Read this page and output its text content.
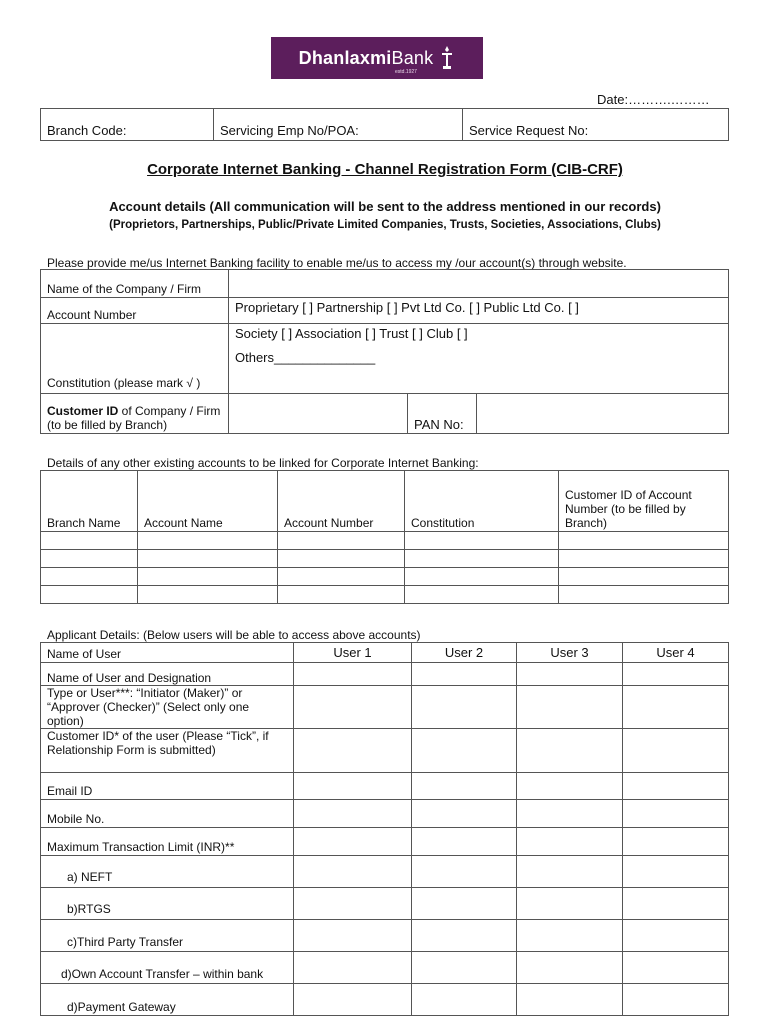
DhanlaxmiBank
estd.1927
Date:……….………
Branch Code:	Servicing Emp No/POA:	Service Request No:
Corporate Internet Banking - Channel Registration Form (CIB-CRF)
Account details (All communication will be sent to the address mentioned in our records)
(Proprietors, Partnerships, Public/Private Limited Companies, Trusts, Societies, Associations, Clubs)
Please provide me/us Internet Banking facility to enable me/us to access my /our account(s) through website.
Name of the Company / Firm			
Account Number	Proprietary [ ] Partnership [ ] Pvt Ltd Co. [ ] Public Ltd Co. [ ]		

Constitution (please mark √ )	Society [ ] Association [ ] Trust [ ] Club [ ]
Others______________		

Customer ID of Company / Firm (to be filled by Branch)		PAN No:	
Details of any other existing accounts to be linked for Corporate Internet Banking:
Branch Name	Account Name	Account Number	Constitution	Customer ID of Account Number (to be filled by Branch)

Applicant Details: (Below users will be able to access above accounts)
Name of User	User 1	User 2	User 3	User 4
Name of User and Designation				
Type or User***: “Initiator (Maker)” or “Approver (Checker)” (Select only one option)				
Customer ID* of the user (Please “Tick”, if Relationship Form is submitted)				
Email ID				
Mobile No.				
Maximum Transaction Limit (INR)**				
a) NEFT				
b)RTGS				
c)Third Party Transfer				
d)Own Account Transfer – within bank				
d)Payment Gateway				
